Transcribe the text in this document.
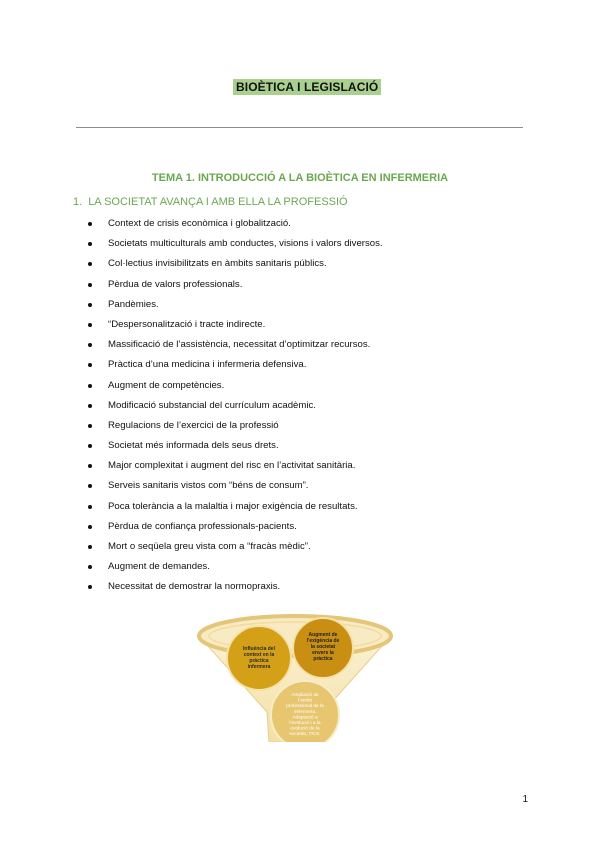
BIOÈTICA I LEGISLACIÓ
TEMA 1. INTRODUCCIÓ A LA BIOÈTICA EN INFERMERIA
1. LA SOCIETAT AVANÇA I AMB ELLA LA PROFESSIÓ
Context de crisis econòmica i globalització.
Societats multiculturals amb conductes, visions i valors diversos.
Col·lectius invisibilitzats en àmbits sanitaris públics.
Pèrdua de valors professionals.
Pandèmies.
“Despersonalització i tracte indirecte.
Massificació de l’assistència, necessitat d’optimitzar recursos.
Pràctica d’una medicina i infermeria defensiva.
Augment de competències.
Modificació substancial del currículum acadèmic.
Regulacions de l’exercici de la professió
Societat més informada dels seus drets.
Major complexitat i augment del risc en l’activitat sanitària.
Serveis sanitaris vistos com “béns de consum”.
Poca tolerància a la malaltia i major exigència de resultats.
Pèrdua de confiança professionals-pacients.
Mort o seqüela greu vista com a “fracàs mèdic”.
Augment de demandes.
Necessitat de demostrar la normopraxis.
Influència del context en la pràctica infermera
Augment de l’exigència de la societat envers la pràctica
Ampliació de l’àmbit professional de la infermeria. Adaptació a l’evolució i a la evolució de la societat, TICS.
1
